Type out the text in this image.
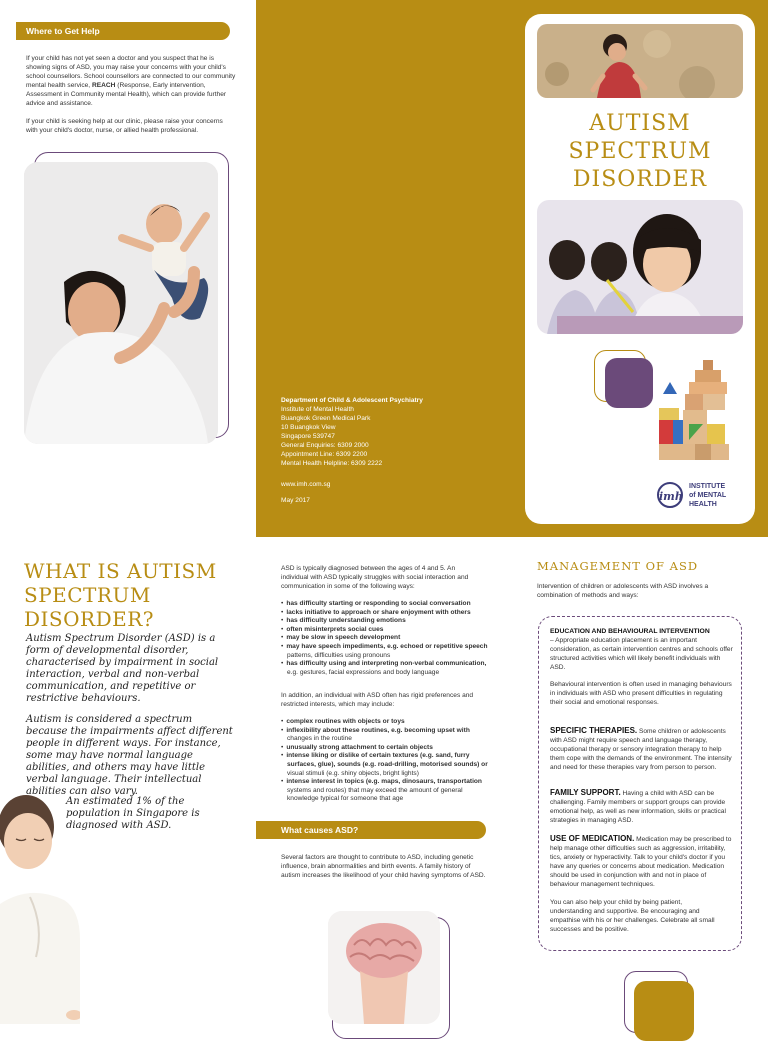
Where to Get Help
If your child has not yet seen a doctor and you suspect that he is showing signs of ASD, you may raise your concerns with your child's school counsellors. School counsellors are connected to our community mental health service, REACH (Response, Early intervention, Assessment in Community mental Health), which can provide further advice and assistance.
If your child is seeking help at our clinic, please raise your concerns with your child's doctor, nurse, or allied health professional.
Department of Child & Adolescent Psychiatry
Institute of Mental Health
Buangkok Green Medical Park
10 Buangkok View
Singapore 539747
General Enquiries: 6309 2000
Appointment Line: 6309 2200
Mental Health Helpline: 6309 2222
www.imh.com.sg
May 2017
AUTISM
SPECTRUM
DISORDER
imh
INSTITUTE
of MENTAL
HEALTH
WHAT IS AUTISM
SPECTRUM
DISORDER?
Autism Spectrum Disorder (ASD) is a form of developmental disorder, characterised by impairment in social interaction, verbal and non-verbal communication, and repetitive or restrictive behaviours.
Autism is considered a spectrum because the impairments affect different people in different ways. For instance, some may have normal language abilities, and others may have little verbal language. Their intellectual abilities can also vary.
An estimated 1% of the population in Singapore is diagnosed with ASD.
ASD is typically diagnosed between the ages of 4 and 5. An individual with ASD typically struggles with social interaction and communication in some of the following ways:
• has difficulty starting or responding to social conversation
• lacks initiative to approach or share enjoyment with others
• has difficulty understanding emotions
• often misinterprets social cues
• may be slow in speech development
• may have speech impediments, e.g. echoed or repetitive speech patterns, difficulties using pronouns
• has difficulty using and interpreting non-verbal communication, e.g. gestures, facial expressions and body language
In addition, an individual with ASD often has rigid preferences and restricted interests, which may include:
• complex routines with objects or toys
• inflexibility about these routines, e.g. becoming upset with changes in the routine
• unusually strong attachment to certain objects
• intense liking or dislike of certain textures (e.g. sand, furry surfaces, glue), sounds (e.g. road-drilling, motorised sounds) or visual stimuli (e.g. shiny objects, bright lights)
• intense interest in topics (e.g. maps, dinosaurs, transportation systems and routes) that may exceed the amount of general knowledge typical for someone that age
What causes ASD?
Several factors are thought to contribute to ASD, including genetic influence, brain abnormalities and birth events. A family history of autism increases the likelihood of your child having symptoms of ASD.
MANAGEMENT OF ASD
Intervention of children or adolescents with ASD involves a combination of methods and ways:
EDUCATION AND BEHAVIOURAL INTERVENTION
– Appropriate education placement is an important consideration, as certain intervention centres and schools offer structured activities which will likely benefit individuals with ASD.
Behavioural intervention is often used in managing behaviours in individuals with ASD who present difficulties in regulating their social and emotional responses.
SPECIFIC THERAPIES. Some children or adolescents with ASD might require speech and language therapy, occupational therapy or sensory integration therapy to help them cope with the demands of the environment. The intensity and need for these therapies vary from person to person.
FAMILY SUPPORT. Having a child with ASD can be challenging. Family members or support groups can provide emotional help, as well as new information, skills or practical strategies in managing ASD.
USE OF MEDICATION. Medication may be prescribed to help manage other difficulties such as aggression, irritability, tics, anxiety or hyperactivity. Talk to your child's doctor if you have any queries or concerns about medication. Medication should be used in conjunction with and not in place of behaviour management techniques.
You can also help your child by being patient, understanding and supportive. Be encouraging and empathise with his or her challenges. Celebrate all small successes and be positive.
